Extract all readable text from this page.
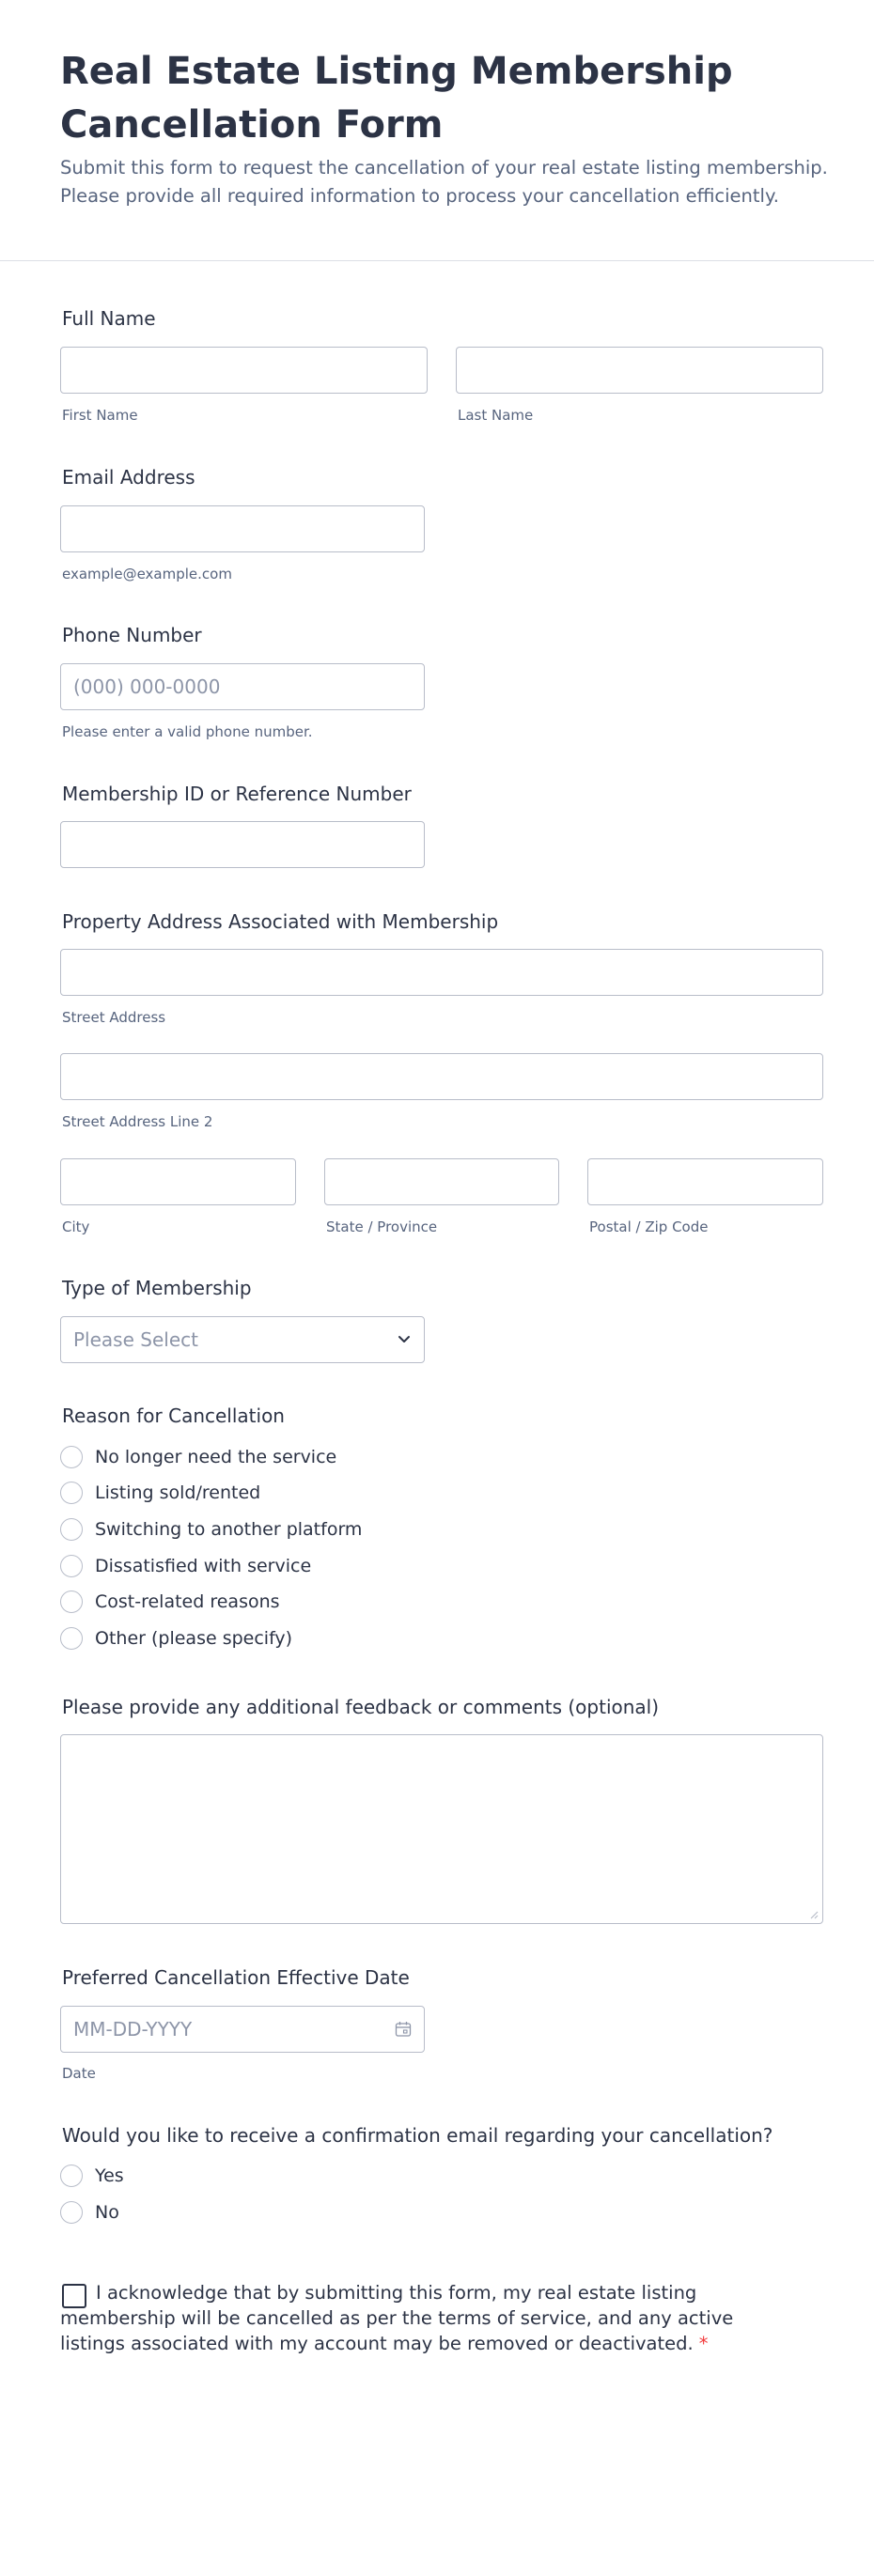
Real Estate Listing Membership Cancellation Form

Submit this form to request the cancellation of your real estate listing membership. Please provide all required information to process your cancellation efficiently.

Full Name
First Name	Last Name
Email Address
example@example.com
Phone Number
(000) 000-0000
Please enter a valid phone number.
Membership ID or Reference Number
Property Address Associated with Membership
Street Address
Street Address Line 2
City	State / Province	Postal / Zip Code
Type of Membership
Please Select
Reason for Cancellation
No longer need the service
Listing sold/rented
Switching to another platform
Dissatisfied with service
Cost-related reasons
Other (please specify)
Please provide any additional feedback or comments (optional)
Preferred Cancellation Effective Date
MM-DD-YYYY
Date
Would you like to receive a confirmation email regarding your cancellation?
Yes
No

I acknowledge that by submitting this form, my real estate listing membership will be cancelled as per the terms of service, and any active listings associated with my account may be removed or deactivated. *
